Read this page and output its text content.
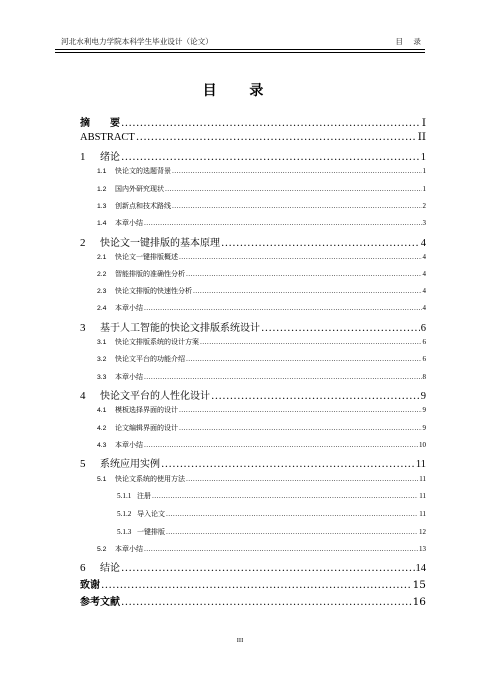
河北水利电力学院本科学生毕业设计（论文）	目 录
目 录
摘　　要 .....	I
ABSTRACT .....	II
1	绪论 .....	1
1.1	快论文的选题背景 .....	1
1.2	国内外研究现状 .....	1
1.3	创新点和技术路线 .....	2
1.4	本章小结 .....	3
2	快论文一键排版的基本原理 .....	4
2.1	快论文一键排版概述 .....	4
2.2	智能排版的准确性分析 .....	4
2.3	快论文排版的快速性分析 .....	4
2.4	本章小结 .....	4
3	基于人工智能的快论文排版系统设计 .....	6
3.1	快论文排版系统的设计方案 .....	6
3.2	快论文平台的功能介绍 .....	6
3.3	本章小结 .....	8
4	快论文平台的人性化设计 .....	9
4.1	模板选择界面的设计 .....	9
4.2	论文编辑界面的设计 .....	9
4.3	本章小结 .....	10
5	系统应用实例 .....	11
5.1	快论文系统的使用方法 .....	11
5.1.1 注册 .....	11
5.1.2 导入论文 .....	11
5.1.3 一键排版 .....	12
5.2	本章小结 .....	13
6	结论 .....	14
致谢 .....	15
参考文献 .....	16
III
